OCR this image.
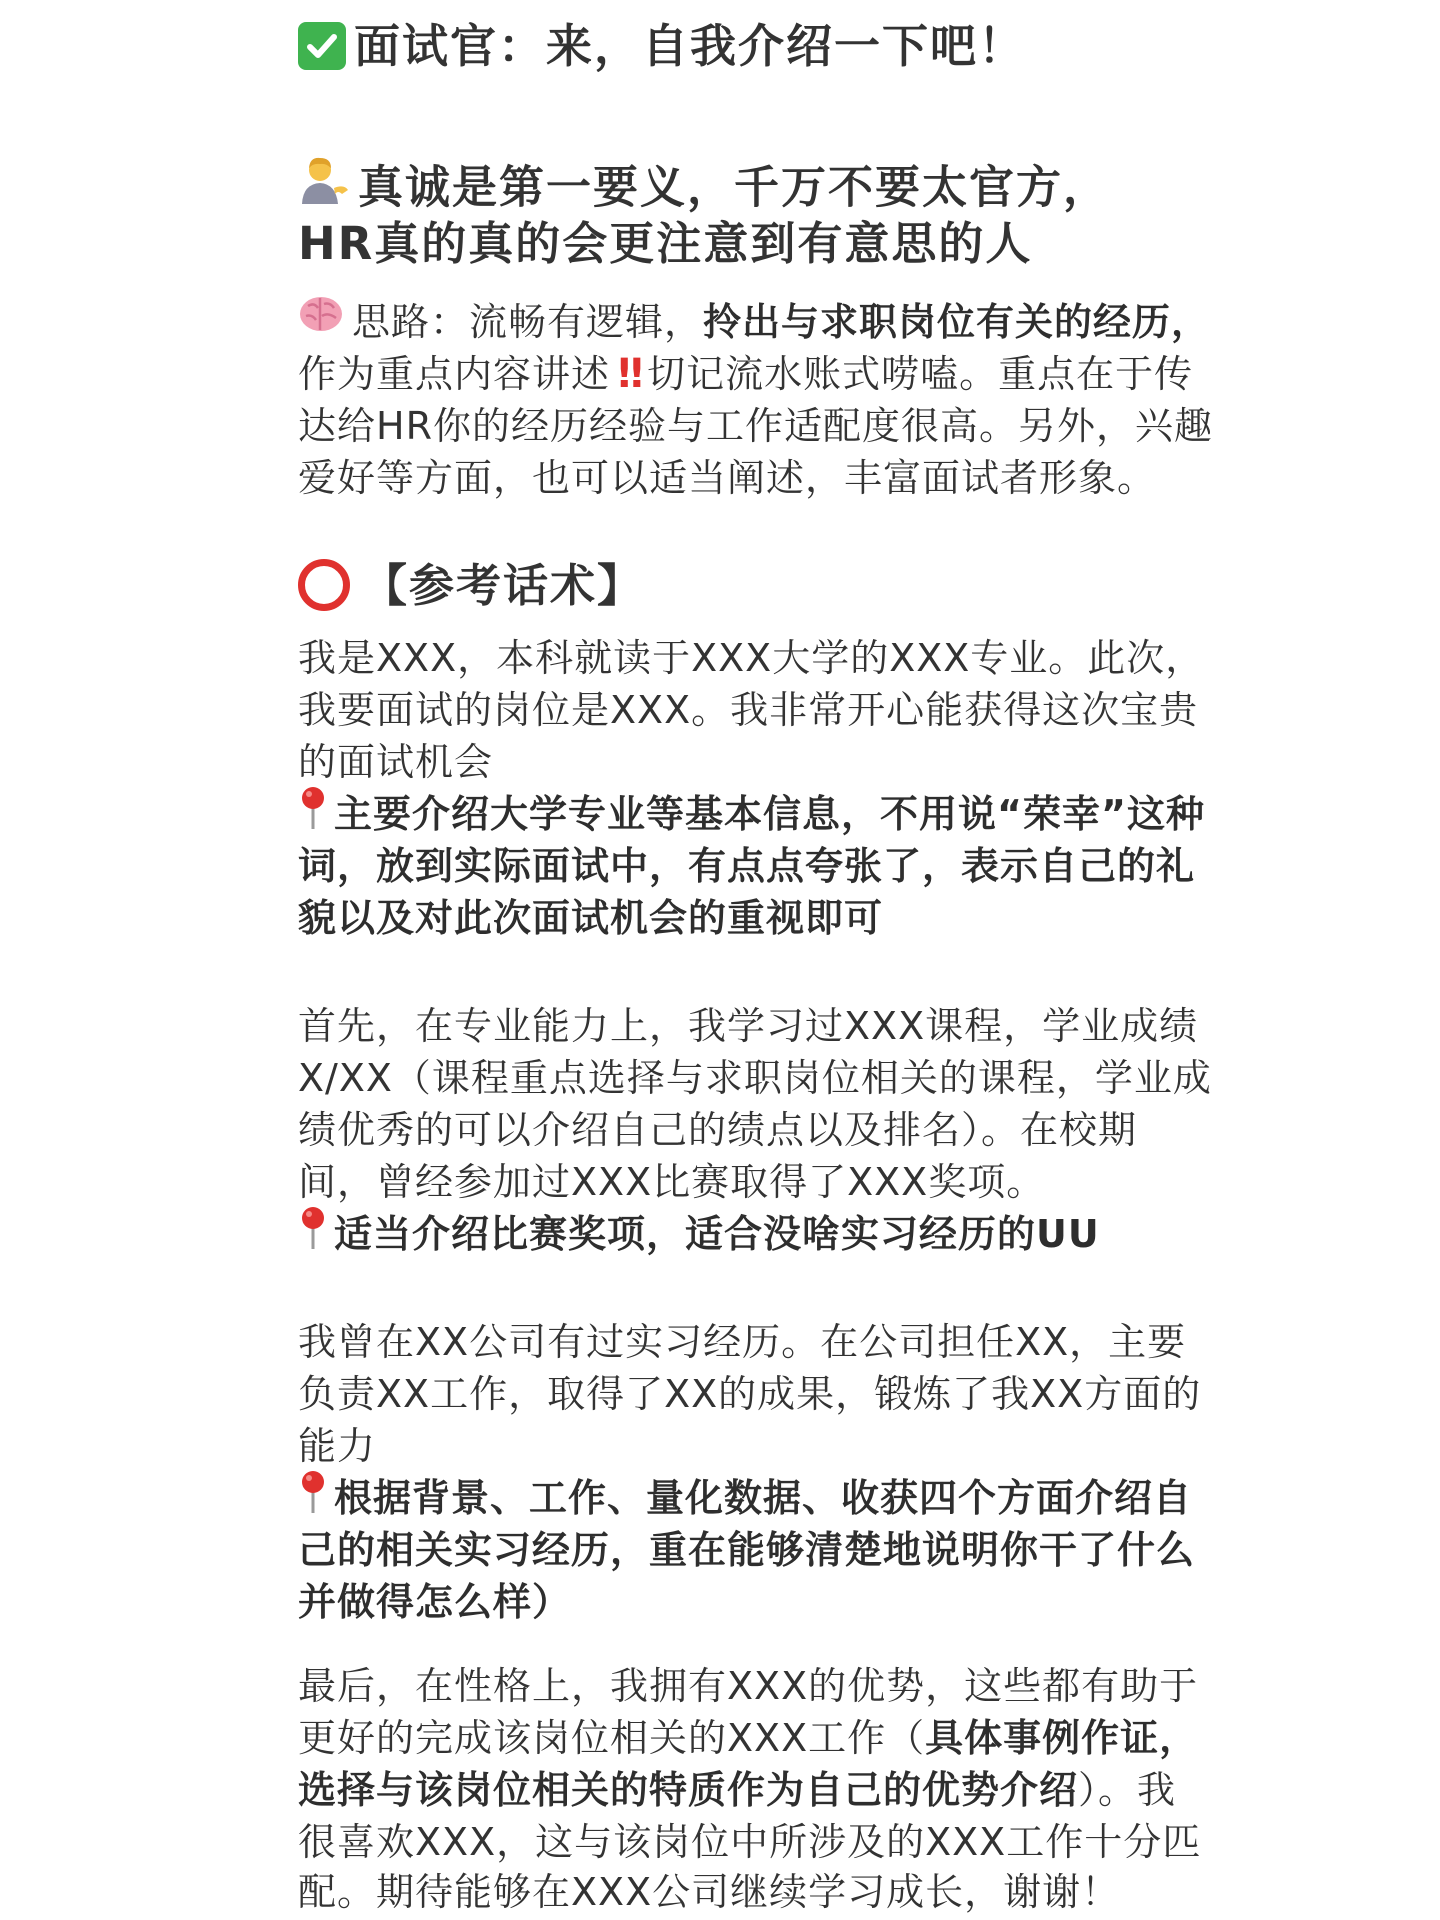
面试官：来，自我介绍一下吧！
真诚是第一要义，千万不要太官方，
HR真的真的会更注意到有意思的人
思路：流畅有逻辑，拎出与求职岗位有关的经历，
作为重点内容讲述 ‼ 切记流水账式唠嗑。重点在于传
达给HR你的经历经验与工作适配度很高。另外，兴趣
爱好等方面，也可以适当阐述，丰富面试者形象。
【参考话术】
我是XXX，本科就读于XXX大学的XXX专业。此次，
我要面试的岗位是XXX。我非常开心能获得这次宝贵
的面试机会
主要介绍大学专业等基本信息，不用说“荣幸”这种
词，放到实际面试中，有点点夸张了，表示自己的礼
貌以及对此次面试机会的重视即可
首先，在专业能力上，我学习过XXX课程，学业成绩
X/XX（课程重点选择与求职岗位相关的课程，学业成
绩优秀的可以介绍自己的绩点以及排名）。在校期
间，曾经参加过XXX比赛取得了XXX奖项。
适当介绍比赛奖项，适合没啥实习经历的UU
我曾在XX公司有过实习经历。在公司担任XX，主要
负责XX工作，取得了XX的成果，锻炼了我XX方面的
能力
根据背景、工作、量化数据、收获四个方面介绍自
己的相关实习经历，重在能够清楚地说明你干了什么
并做得怎么样）
最后，在性格上，我拥有XXX的优势，这些都有助于
更好的完成该岗位相关的XXX工作（具体事例作证，
选择与该岗位相关的特质作为自己的优势介绍）。我
很喜欢XXX，这与该岗位中所涉及的XXX工作十分匹
配。期待能够在XXX公司继续学习成长，谢谢！
